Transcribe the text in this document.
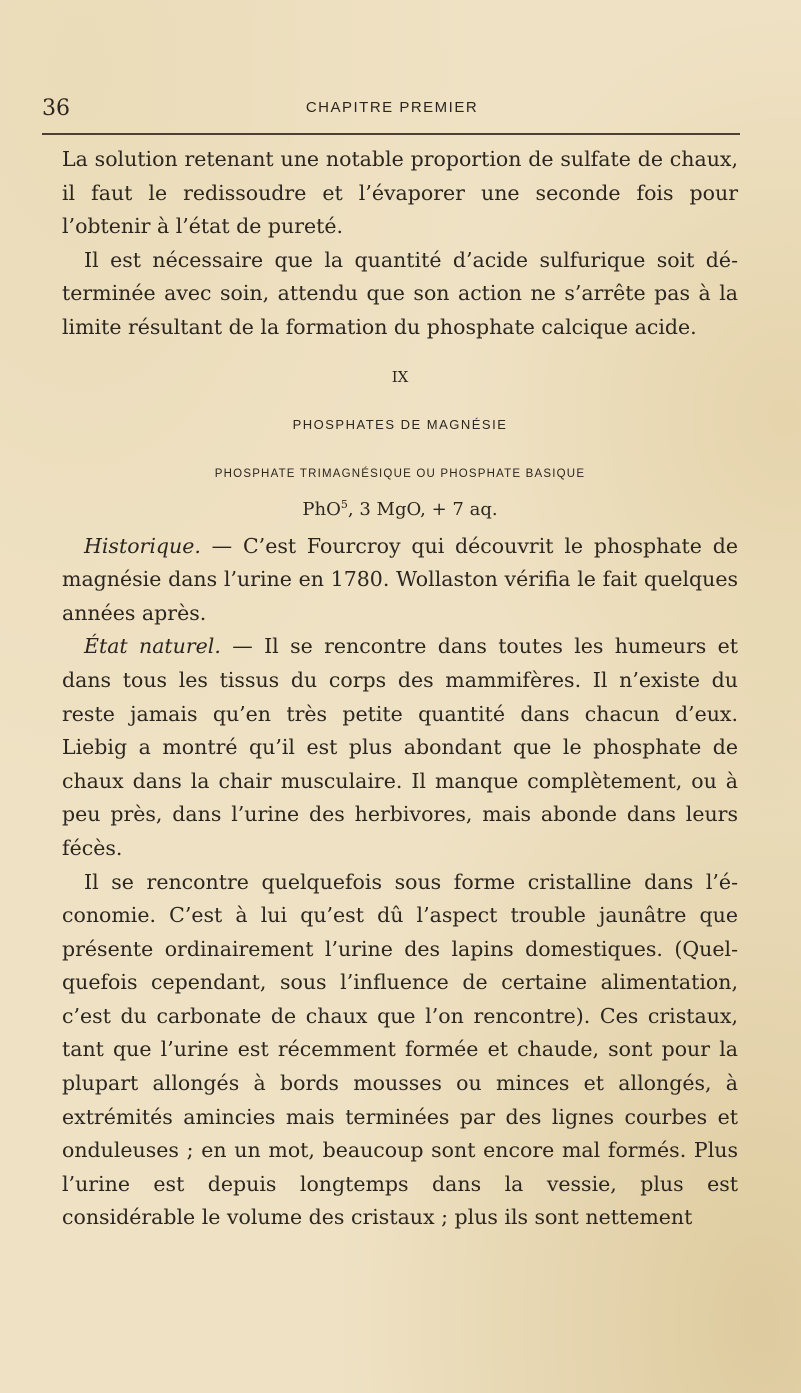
36	CHAPITRE PREMIER

La solution retenant une notable proportion de sulfate de chaux, il faut le redissoudre et l’évaporer une seconde fois pour l’obtenir à l’état de pureté.

Il est nécessaire que la quantité d’acide sulfurique soit dé- terminée avec soin, attendu que son action ne s’arrête pas à la limite résultant de la formation du phosphate calcique acide.

IX
PHOSPHATES DE MAGNÉSIE
PHOSPHATE TRIMAGNÉSIQUE OU PHOSPHATE BASIQUE
PhO$^5$, 3 MgO, + 7 aq.

Historique. — C’est Fourcroy qui découvrit le phosphate de magnésie dans l’urine en 1780. Wollaston vérifia le fait quelques années après.

État naturel. — Il se rencontre dans toutes les humeurs et dans tous les tissus du corps des mammifères. Il n’existe du reste jamais qu’en très petite quantité dans chacun d’eux. Liebig a montré qu’il est plus abondant que le phosphate de chaux dans la chair musculaire. Il manque complètement, ou à peu près, dans l’urine des herbivores, mais abonde dans leurs fécès.

Il se rencontre quelquefois sous forme cristalline dans l’é- conomie. C’est à lui qu’est dû l’aspect trouble jaunâtre que présente ordinairement l’urine des lapins domestiques. (Quel- quefois cependant, sous l’influence de certaine alimentation, c’est du carbonate de chaux que l’on rencontre). Ces cristaux, tant que l’urine est récemment formée et chaude, sont pour la plupart allongés à bords mousses ou minces et allongés, à extrémités amincies mais terminées par des lignes courbes et onduleuses ; en un mot, beaucoup sont encore mal formés. Plus l’urine est depuis longtemps dans la vessie, plus est considérable le volume des cristaux ; plus ils sont nettement
